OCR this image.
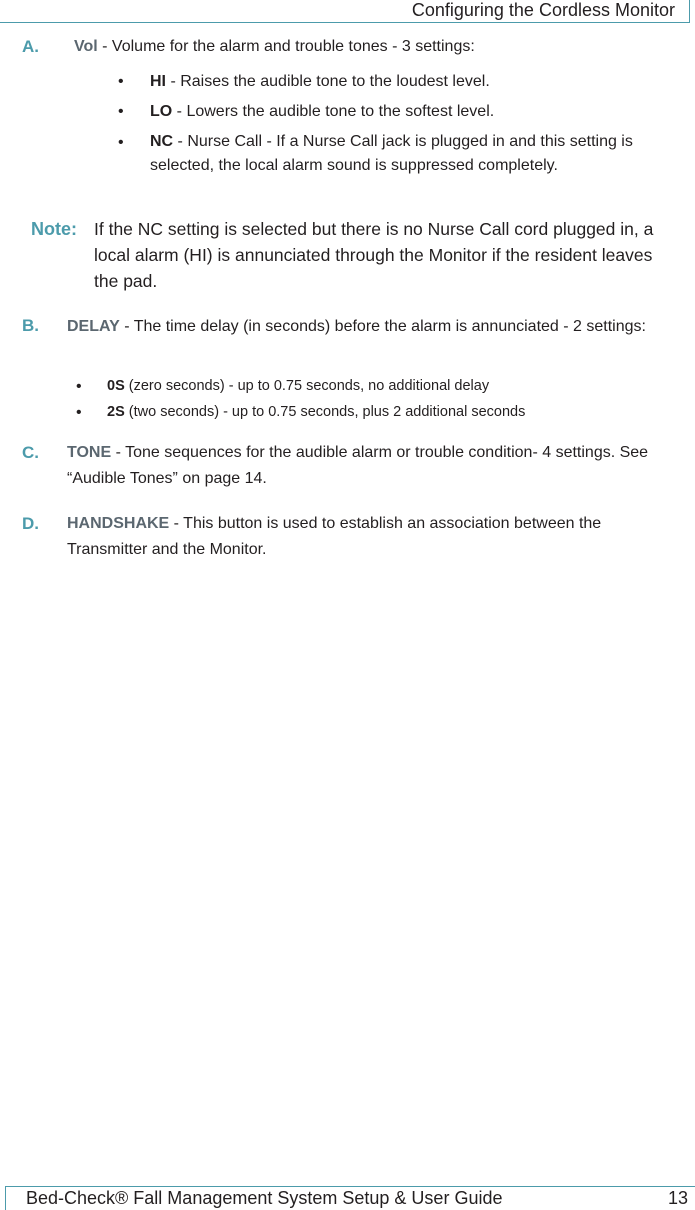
Configuring the Cordless Monitor
A. Vol - Volume for the alarm and trouble tones - 3 settings:
• HI - Raises the audible tone to the loudest level.
• LO - Lowers the audible tone to the softest level.
• NC - Nurse Call - If a Nurse Call jack is plugged in and this setting is selected, the local alarm sound is suppressed completely.
Note: If the NC setting is selected but there is no Nurse Call cord plugged in, a local alarm (HI) is annunciated through the Monitor if the resident leaves the pad.
B. DELAY - The time delay (in seconds) before the alarm is annunciated - 2 settings:
• 0S (zero seconds) - up to 0.75 seconds, no additional delay
• 2S (two seconds) - up to 0.75 seconds, plus 2 additional seconds
C. TONE - Tone sequences for the audible alarm or trouble condition- 4 settings. See “Audible Tones” on page 14.
D. HANDSHAKE - This button is used to establish an association between the Transmitter and the Monitor.
Bed-Check® Fall Management System Setup & User Guide	13
